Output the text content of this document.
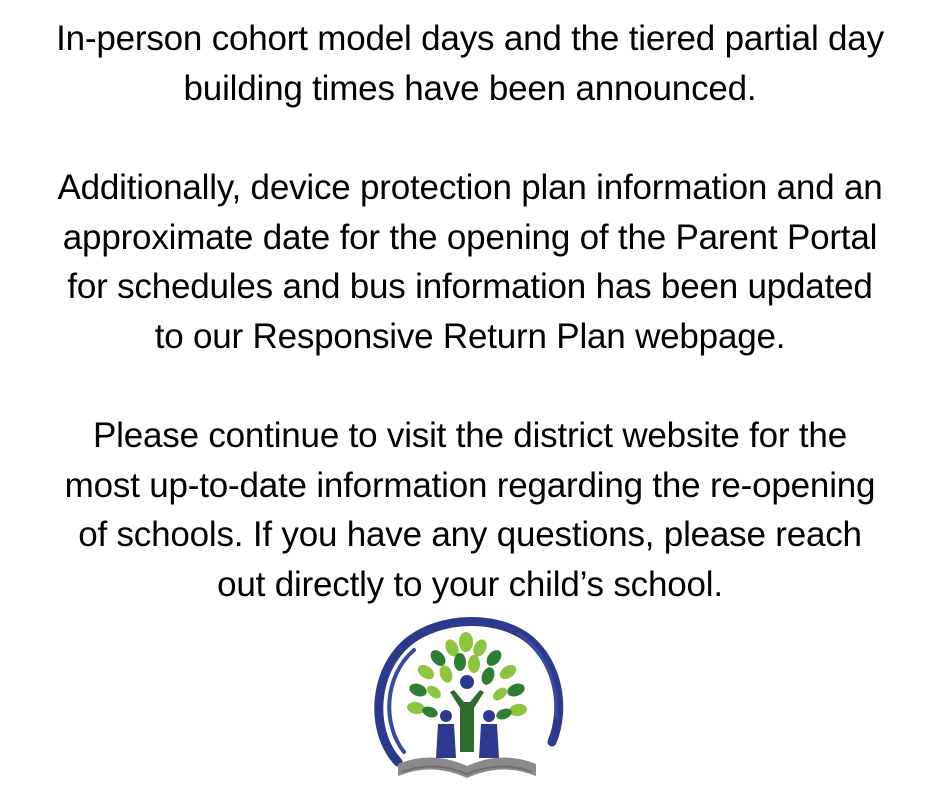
In-person cohort model days and the tiered partial day
building times have been announced.

Additionally, device protection plan information and an
approximate date for the opening of the Parent Portal
for schedules and bus information has been updated
to our Responsive Return Plan webpage.

Please continue to visit the district website for the
most up-to-date information regarding the re-opening
of schools. If you have any questions, please reach
out directly to your child’s school.
